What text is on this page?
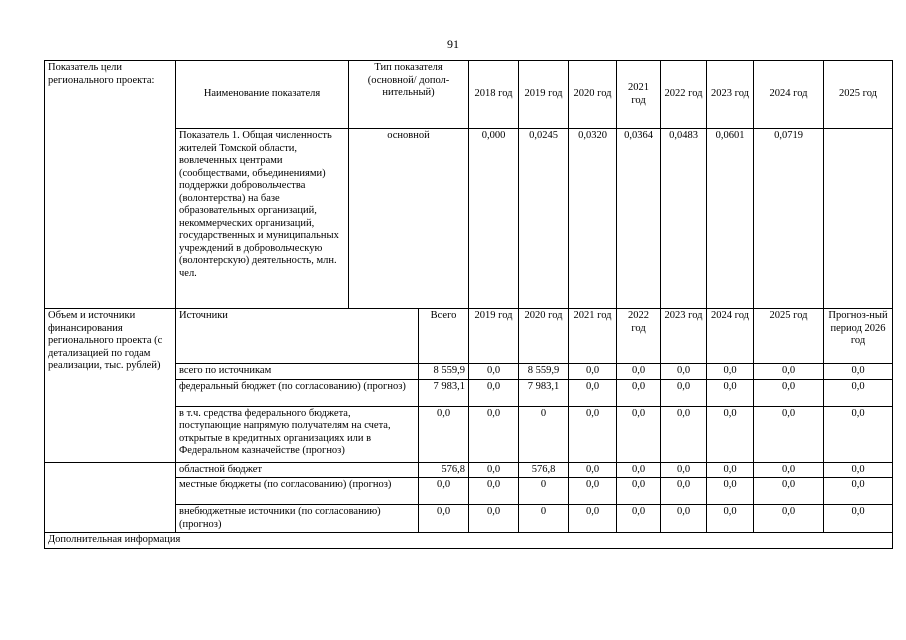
91
Показатель цели регионального проекта:	Наименование показателя	Тип показателя (основной/ допол-нительный)		2018 год	2019 год	2020 год	2021 год	2022 год	2023 год	2024 год	2025 год	
	Показатель 1. Общая численность жителей Томской области, вовлеченных центрами (сообществами, объединениями) поддержки добровольчества (волонтерства) на базе образовательных организаций, некоммерческих организаций, государственных и муниципальных учреждений в добровольческую (волонтерскую) деятельность, млн. чел.	основной		0,000	0,0245	0,0320	0,0364	0,0483	0,0601	0,0719		
Объем и источники финансирования регионального проекта (с детализацией по годам реализации, тыс. рублей)	Источники		Всего	2019 год	2020 год	2021 год	2022 год	2023 год	2024 год	2025 год	Прогноз-ный период 2026 год	
	всего по источникам		8 559,9	0,0	8 559,9	0,0	0,0	0,0	0,0	0,0	0,0	
	федеральный бюджет (по согласованию) (прогноз)		7 983,1	0,0	7 983,1	0,0	0,0	0,0	0,0	0,0	0,0	
	в т.ч. средства федерального бюджета, поступающие напрямую получателям на счета, открытые в кредитных организациях или в Федеральном казначействе (прогноз)		0,0	0,0	0	0,0	0,0	0,0	0,0	0,0	0,0	
	областной бюджет		576,8	0,0	576,8	0,0	0,0	0,0	0,0	0,0	0,0	
	местные бюджеты (по согласованию) (прогноз)		0,0	0,0	0	0,0	0,0	0,0	0,0	0,0	0,0	
	внебюджетные источники (по согласованию) (прогноз)		0,0	0,0	0	0,0	0,0	0,0	0,0	0,0	0,0	
Дополнительная информация												
